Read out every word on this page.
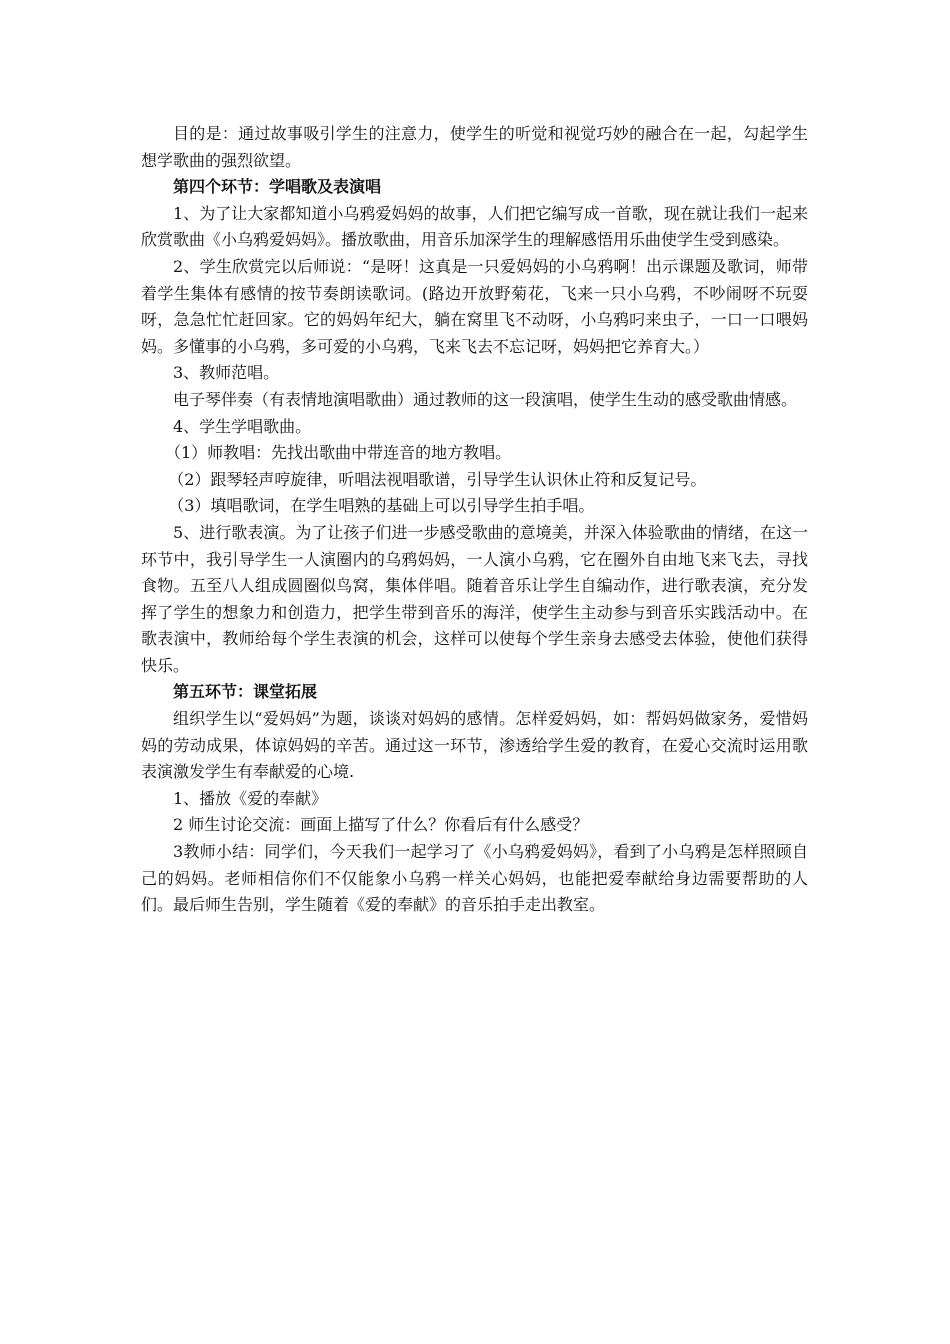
目的是：通过故事吸引学生的注意力，使学生的听觉和视觉巧妙的融合在一起，勾起学生想学歌曲的强烈欲望。

第四个环节：学唱歌及表演唱

1、为了让大家都知道小乌鸦爱妈妈的故事，人们把它编写成一首歌，现在就让我们一起来欣赏歌曲《小乌鸦爱妈妈》。播放歌曲，用音乐加深学生的理解感悟用乐曲使学生受到感染。

2、学生欣赏完以后师说：“是呀！这真是一只爱妈妈的小乌鸦啊！出示课题及歌词，师带着学生集体有感情的按节奏朗读歌词。(路边开放野菊花，飞来一只小乌鸦，不吵闹呀不玩耍呀，急急忙忙赶回家。它的妈妈年纪大，躺在窝里飞不动呀，小乌鸦叼来虫子，一口一口喂妈妈。多懂事的小乌鸦，多可爱的小乌鸦，飞来飞去不忘记呀，妈妈把它养育大。）

3、教师范唱。

电子琴伴奏（有表情地演唱歌曲）通过教师的这一段演唱，使学生生动的感受歌曲情感。

4、学生学唱歌曲。

（1）师教唱：先找出歌曲中带连音的地方教唱。

（2）跟琴轻声哼旋律，听唱法视唱歌谱，引导学生认识休止符和反复记号。

（3）填唱歌词，在学生唱熟的基础上可以引导学生拍手唱。

5、进行歌表演。为了让孩子们进一步感受歌曲的意境美，并深入体验歌曲的情绪，在这一环节中，我引导学生一人演圈内的乌鸦妈妈，一人演小乌鸦，它在圈外自由地飞来飞去，寻找食物。五至八人组成圆圈似鸟窝，集体伴唱。随着音乐让学生自编动作，进行歌表演，充分发挥了学生的想象力和创造力，把学生带到音乐的海洋，使学生主动参与到音乐实践活动中。在歌表演中，教师给每个学生表演的机会，这样可以使每个学生亲身去感受去体验，使他们获得快乐。

第五环节：课堂拓展

组织学生以“爱妈妈”为题，谈谈对妈妈的感情。怎样爱妈妈，如：帮妈妈做家务，爱惜妈妈的劳动成果，体谅妈妈的辛苦。通过这一环节，渗透给学生爱的教育，在爱心交流时运用歌表演激发学生有奉献爱的心境.

1、播放《爱的奉献》

2 师生讨论交流：画面上描写了什么？你看后有什么感受？

3教师小结：同学们，今天我们一起学习了《小乌鸦爱妈妈》，看到了小乌鸦是怎样照顾自己的妈妈。老师相信你们不仅能象小乌鸦一样关心妈妈，也能把爱奉献给身边需要帮助的人们。最后师生告别，学生随着《爱的奉献》的音乐拍手走出教室。
